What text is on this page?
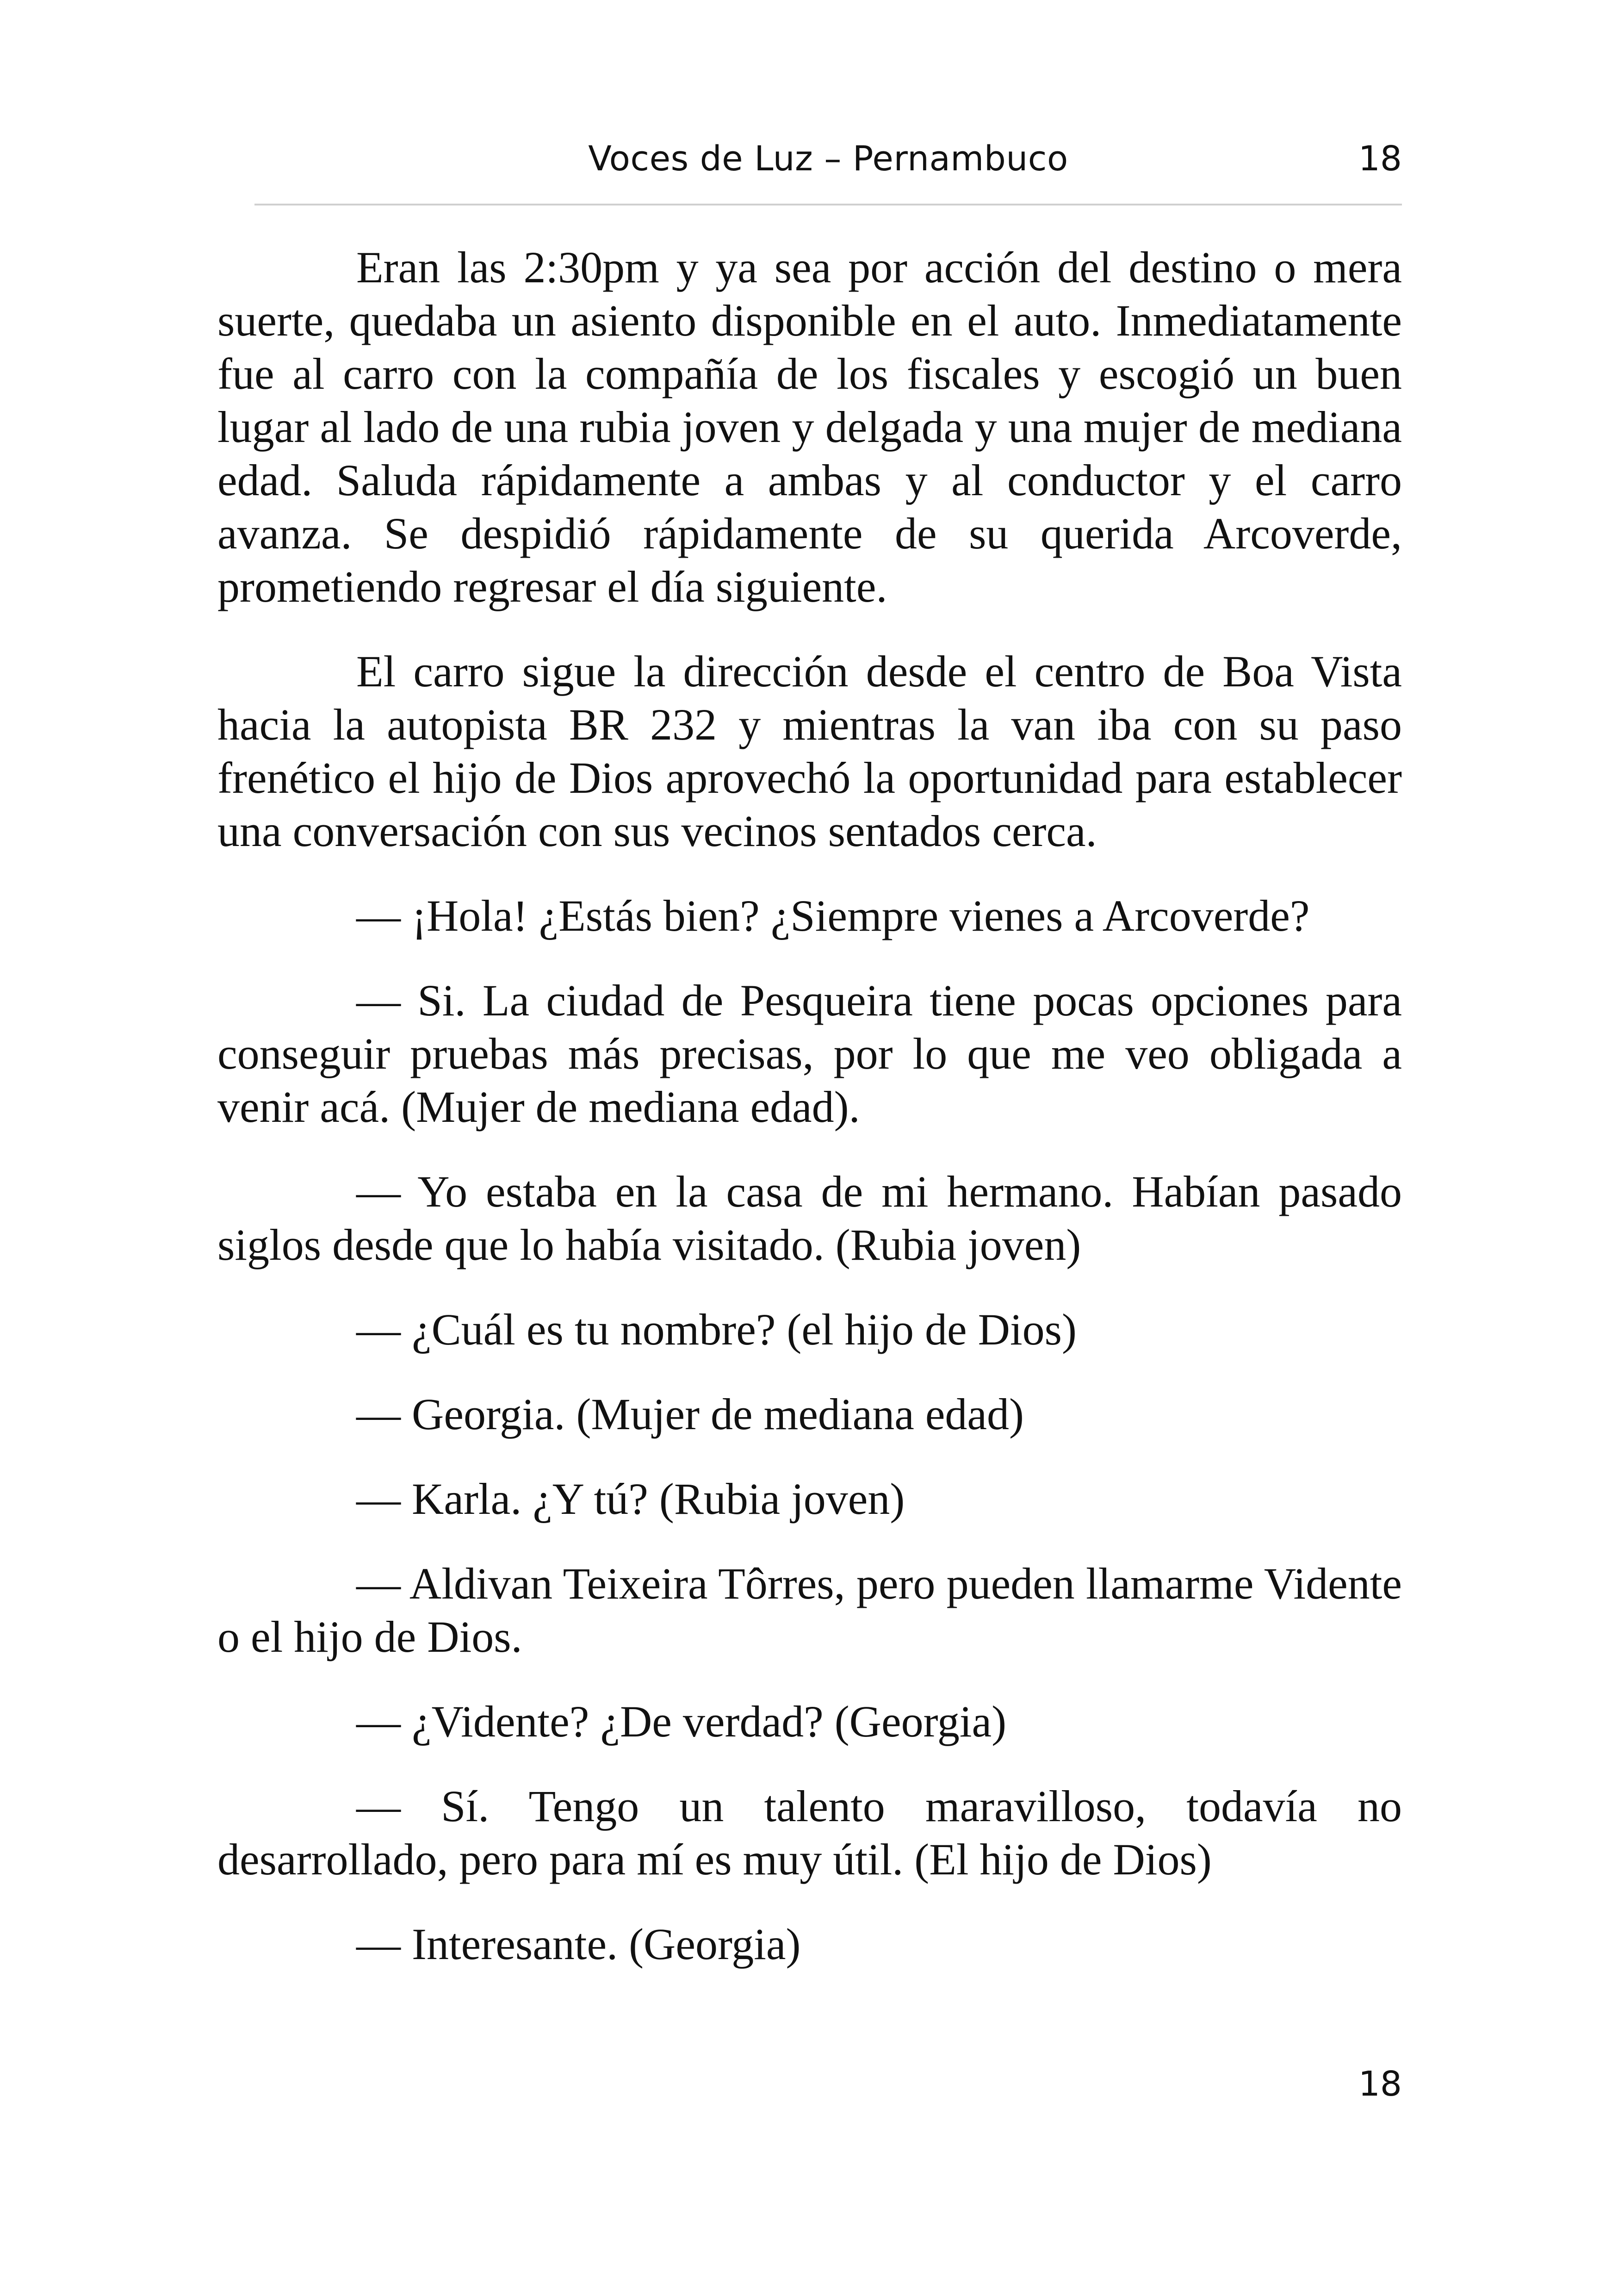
Voces de Luz – Pernambuco	18

Eran las 2:30pm y ya sea por acción del destino o mera suerte, quedaba un asiento disponible en el auto. Inmediatamente fue al carro con la compañía de los fiscales y escogió un buen lugar al lado de una rubia joven y delgada y una mujer de mediana edad. Saluda rápidamente a ambas y al conductor y el carro avanza. Se despidió rápidamente de su querida Arcoverde, prometiendo regresar el día siguiente.

El carro sigue la dirección desde el centro de Boa Vista hacia la autopista BR 232 y mientras la van iba con su paso frenético el hijo de Dios aprovechó la oportunidad para establecer una conversación con sus vecinos sentados cerca.

— ¡Hola! ¿Estás bien? ¿Siempre vienes a Arcoverde?

— Si. La ciudad de Pesqueira tiene pocas opciones para conseguir pruebas más precisas, por lo que me veo obligada a venir acá. (Mujer de mediana edad).

— Yo estaba en la casa de mi hermano. Habían pasado siglos desde que lo había visitado. (Rubia joven)

— ¿Cuál es tu nombre? (el hijo de Dios)

— Georgia. (Mujer de mediana edad)

— Karla. ¿Y tú? (Rubia joven)

— Aldivan Teixeira Tôrres, pero pueden llamarme Vidente o el hijo de Dios.

— ¿Vidente? ¿De verdad? (Georgia)

— Sí. Tengo un talento maravilloso, todavía no desarrollado, pero para mí es muy útil. (El hijo de Dios)

— Interesante. (Georgia)

18
